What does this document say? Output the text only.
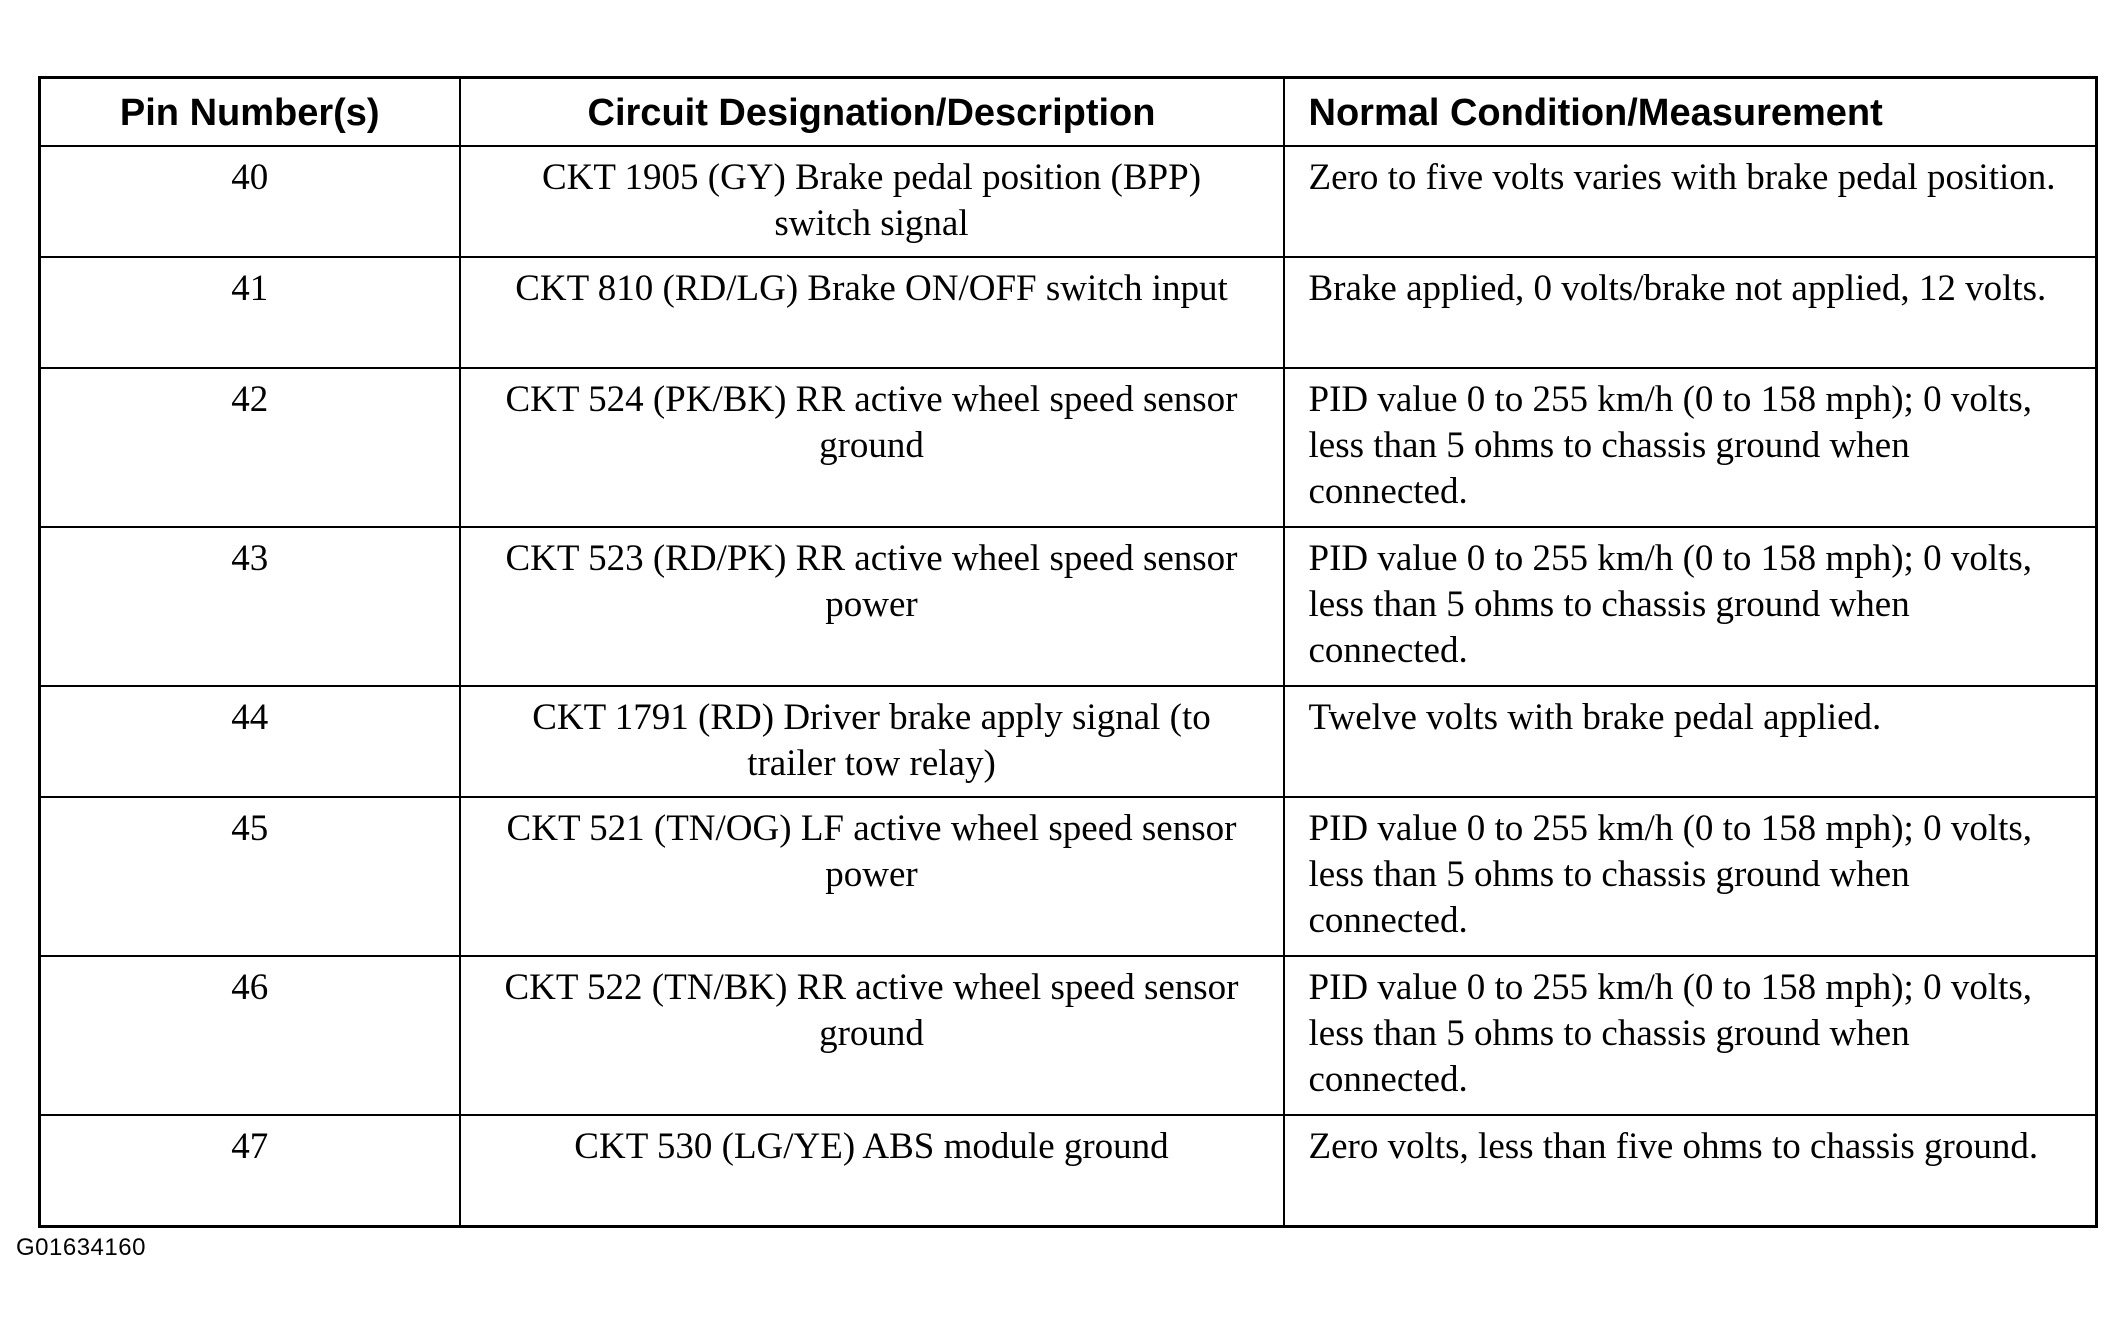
Pin Number(s)	Circuit Designation/Description	Normal Condition/Measurement
40	CKT 1905 (GY) Brake pedal position (BPP) switch signal	Zero to five volts varies with brake pedal position.
41	CKT 810 (RD/LG) Brake ON/OFF switch input	Brake applied, 0 volts/brake not applied, 12 volts.
42	CKT 524 (PK/BK) RR active wheel speed sensor ground	PID value 0 to 255 km/h (0 to 158 mph); 0 volts, less than 5 ohms to chassis ground when connected.
43	CKT 523 (RD/PK) RR active wheel speed sensor power	PID value 0 to 255 km/h (0 to 158 mph); 0 volts, less than 5 ohms to chassis ground when connected.
44	CKT 1791 (RD) Driver brake apply signal (to trailer tow relay)	Twelve volts with brake pedal applied.
45	CKT 521 (TN/OG) LF active wheel speed sensor power	PID value 0 to 255 km/h (0 to 158 mph); 0 volts, less than 5 ohms to chassis ground when connected.
46	CKT 522 (TN/BK) RR active wheel speed sensor ground	PID value 0 to 255 km/h (0 to 158 mph); 0 volts, less than 5 ohms to chassis ground when connected.
47	CKT 530 (LG/YE) ABS module ground	Zero volts, less than five ohms to chassis ground.
G01634160
